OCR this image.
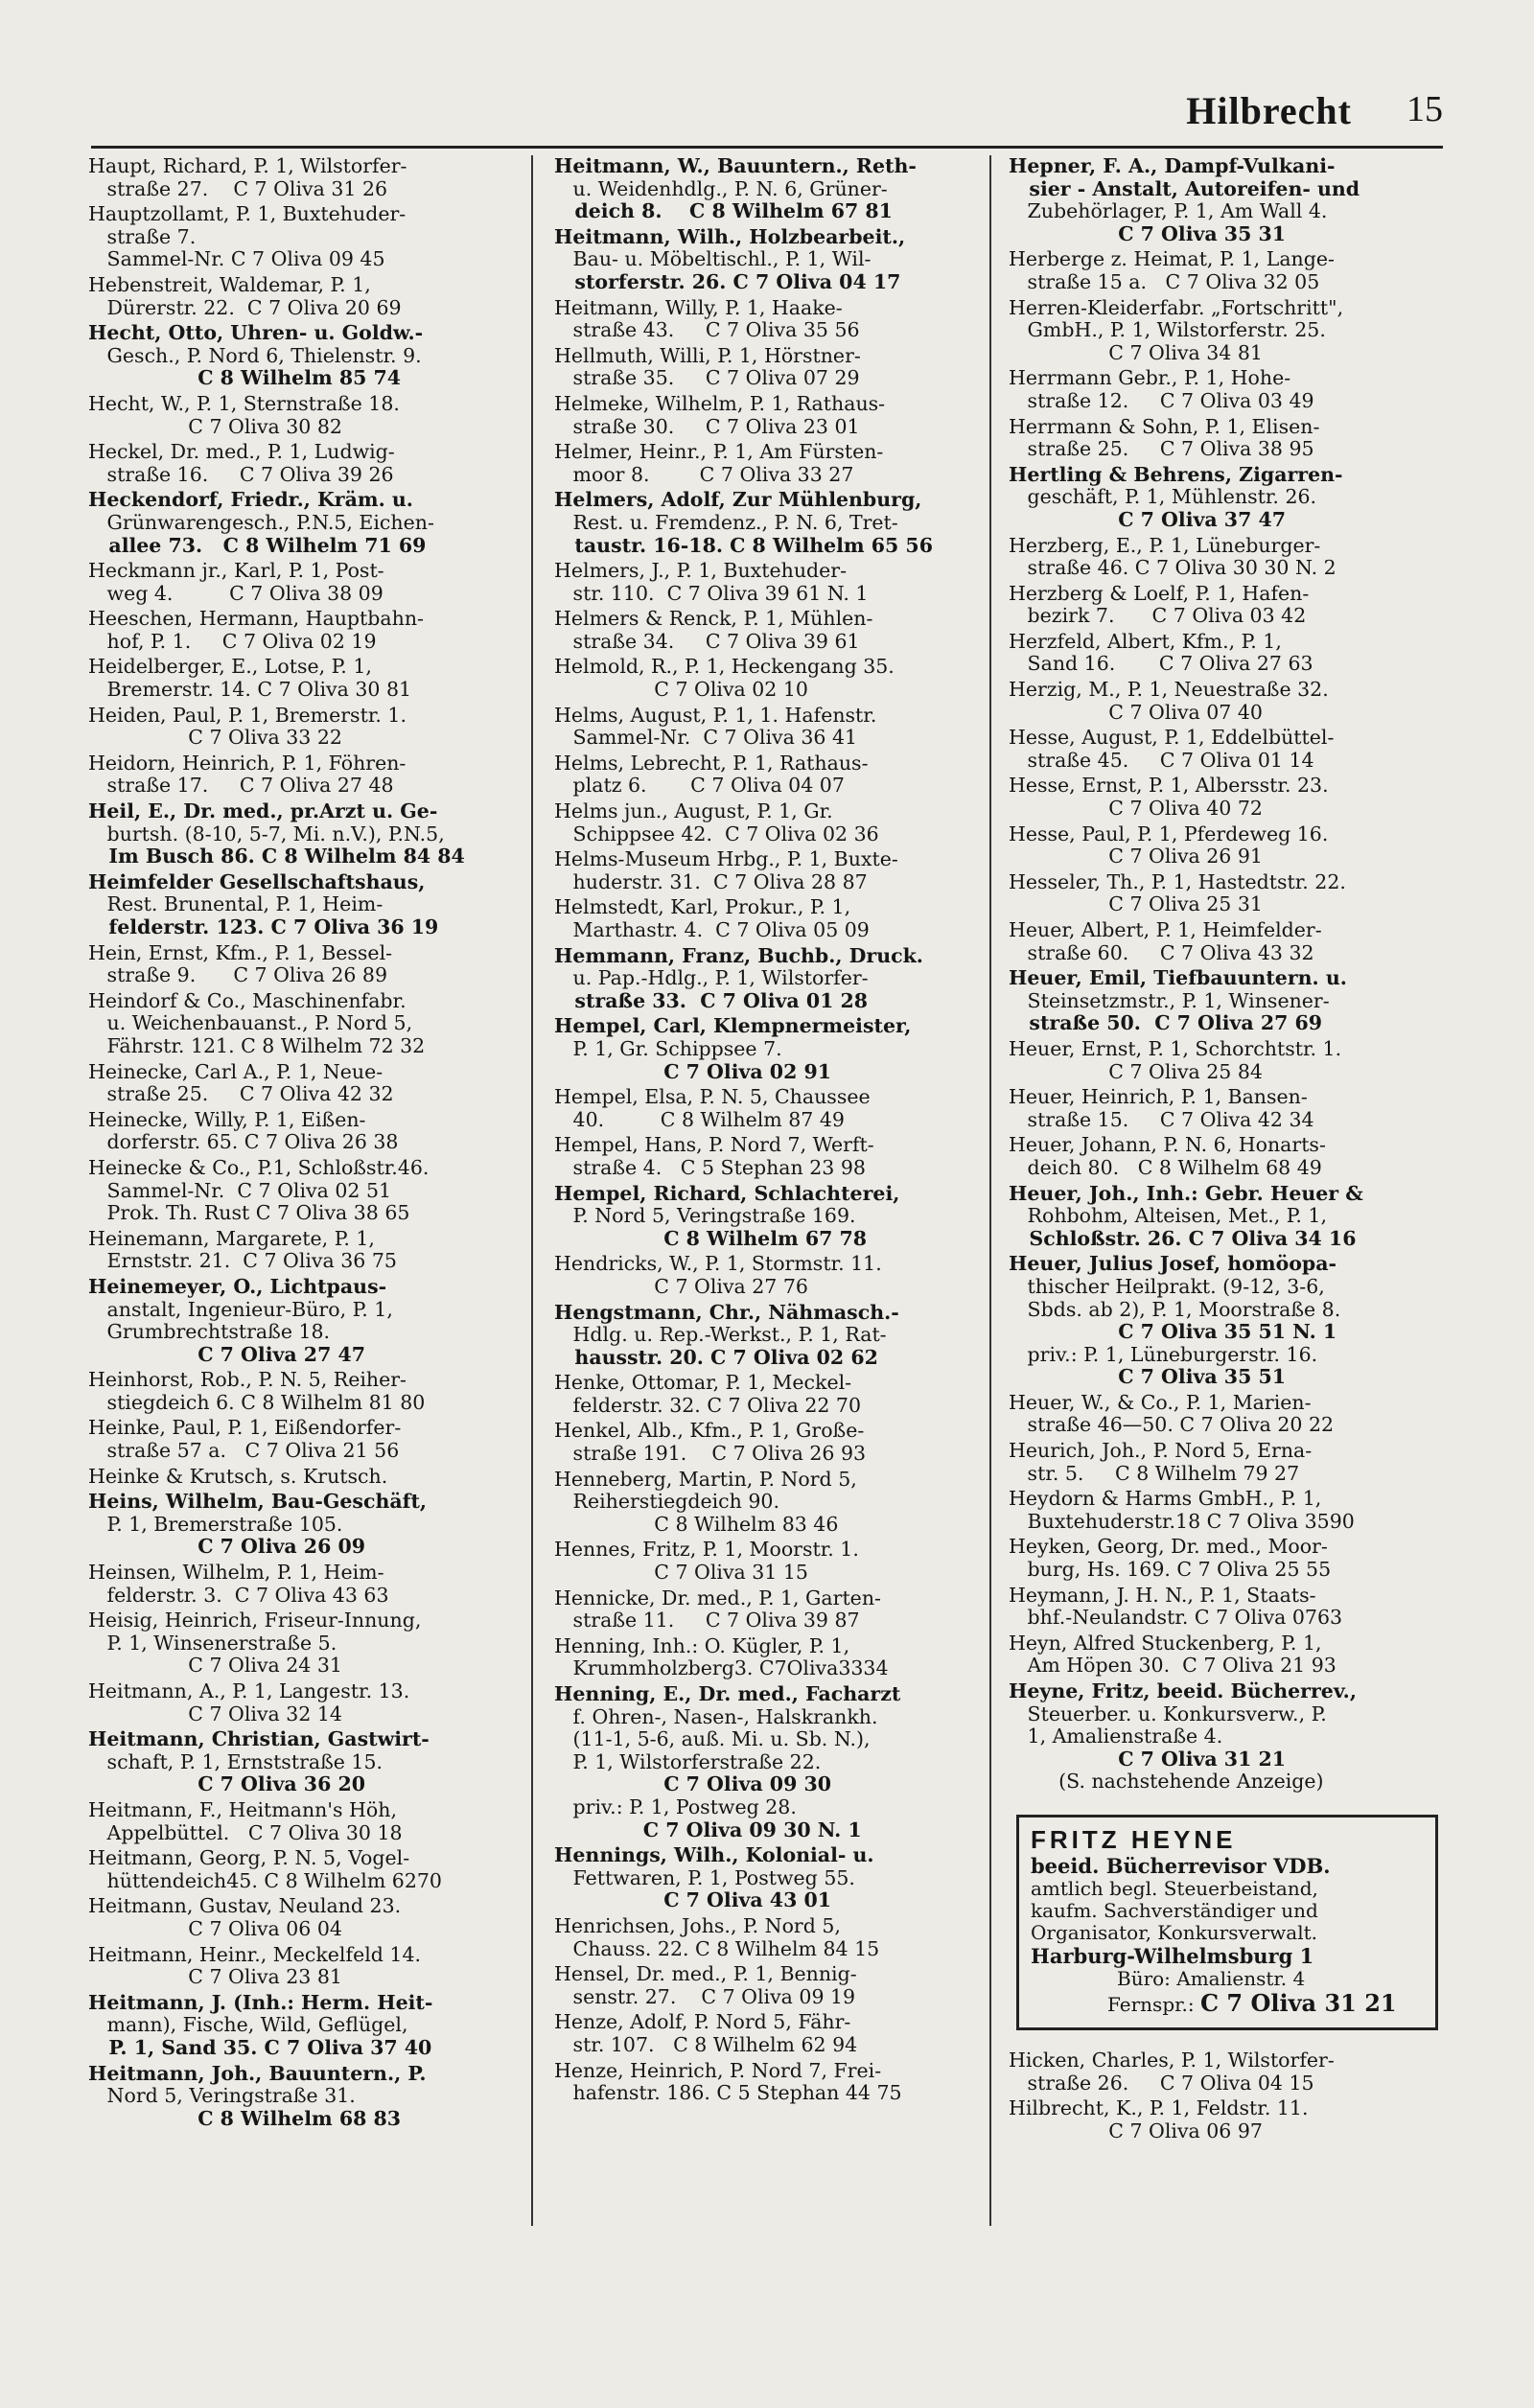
Hilbrecht 15
Haupt, Richard, P. 1, Wilstorfer-
straße 27.    C 7 Oliva 31 26
Hauptzollamt, P. 1, Buxtehuder-
straße 7.
Sammel-Nr. C 7 Oliva 09 45
Hebenstreit, Waldemar, P. 1,
Dürerstr. 22.  C 7 Oliva 20 69
Hecht, Otto, Uhren- u. Goldw.-
Gesch., P. Nord 6, Thielenstr. 9.
C 8 Wilhelm 85 74
Hecht, W., P. 1, Sternstraße 18.
C 7 Oliva 30 82
Heckel, Dr. med., P. 1, Ludwig-
straße 16.     C 7 Oliva 39 26
Heckendorf, Friedr., Kräm. u.
Grünwarengesch., P.N.5, Eichen-
allee 73.   C 8 Wilhelm 71 69
Heckmann jr., Karl, P. 1, Post-
weg 4.         C 7 Oliva 38 09
Heeschen, Hermann, Hauptbahn-
hof, P. 1.     C 7 Oliva 02 19
Heidelberger, E., Lotse, P. 1,
Bremerstr. 14. C 7 Oliva 30 81
Heiden, Paul, P. 1, Bremerstr. 1.
C 7 Oliva 33 22
Heidorn, Heinrich, P. 1, Föhren-
straße 17.     C 7 Oliva 27 48
Heil, E., Dr. med., pr.Arzt u. Ge-
burtsh. (8-10, 5-7, Mi. n.V.), P.N.5,
Im Busch 86. C 8 Wilhelm 84 84
Heimfelder Gesellschaftshaus,
Rest. Brunental, P. 1, Heim-
felderstr. 123. C 7 Oliva 36 19
Hein, Ernst, Kfm., P. 1, Bessel-
straße 9.      C 7 Oliva 26 89
Heindorf & Co., Maschinenfabr.
u. Weichenbauanst., P. Nord 5,
Fährstr. 121. C 8 Wilhelm 72 32
Heinecke, Carl A., P. 1, Neue-
straße 25.     C 7 Oliva 42 32
Heinecke, Willy, P. 1, Eißen-
dorferstr. 65. C 7 Oliva 26 38
Heinecke & Co., P.1, Schloßstr.46.
Sammel-Nr.  C 7 Oliva 02 51
Prok. Th. Rust C 7 Oliva 38 65
Heinemann, Margarete, P. 1,
Ernststr. 21.  C 7 Oliva 36 75
Heinemeyer, O., Lichtpaus-
anstalt, Ingenieur-Büro, P. 1,
Grumbrechtstraße 18.
C 7 Oliva 27 47
Heinhorst, Rob., P. N. 5, Reiher-
stiegdeich 6. C 8 Wilhelm 81 80
Heinke, Paul, P. 1, Eißendorfer-
straße 57 a.   C 7 Oliva 21 56
Heinke & Krutsch, s. Krutsch.
Heins, Wilhelm, Bau-Geschäft,
P. 1, Bremerstraße 105.
C 7 Oliva 26 09
Heinsen, Wilhelm, P. 1, Heim-
felderstr. 3.  C 7 Oliva 43 63
Heisig, Heinrich, Friseur-Innung,
P. 1, Winsenerstraße 5.
C 7 Oliva 24 31
Heitmann, A., P. 1, Langestr. 13.
C 7 Oliva 32 14
Heitmann, Christian, Gastwirt-
schaft, P. 1, Ernststraße 15.
C 7 Oliva 36 20
Heitmann, F., Heitmann's Höh,
Appelbüttel.   C 7 Oliva 30 18
Heitmann, Georg, P. N. 5, Vogel-
hüttendeich45. C 8 Wilhelm 6270
Heitmann, Gustav, Neuland 23.
C 7 Oliva 06 04
Heitmann, Heinr., Meckelfeld 14.
C 7 Oliva 23 81
Heitmann, J. (Inh.: Herm. Heit-
mann), Fische, Wild, Geflügel,
P. 1, Sand 35. C 7 Oliva 37 40
Heitmann, Joh., Bauuntern., P.
Nord 5, Veringstraße 31.
C 8 Wilhelm 68 83
Heitmann, W., Bauuntern., Reth-
u. Weidenhdlg., P. N. 6, Grüner-
deich 8.    C 8 Wilhelm 67 81
Heitmann, Wilh., Holzbearbeit.,
Bau- u. Möbeltischl., P. 1, Wil-
storferstr. 26. C 7 Oliva 04 17
Heitmann, Willy, P. 1, Haake-
straße 43.     C 7 Oliva 35 56
Hellmuth, Willi, P. 1, Hörstner-
straße 35.     C 7 Oliva 07 29
Helmeke, Wilhelm, P. 1, Rathaus-
straße 30.     C 7 Oliva 23 01
Helmer, Heinr., P. 1, Am Fürsten-
moor 8.        C 7 Oliva 33 27
Helmers, Adolf, Zur Mühlenburg,
Rest. u. Fremdenz., P. N. 6, Tret-
taustr. 16-18. C 8 Wilhelm 65 56
Helmers, J., P. 1, Buxtehuder-
str. 110.  C 7 Oliva 39 61 N. 1
Helmers & Renck, P. 1, Mühlen-
straße 34.     C 7 Oliva 39 61
Helmold, R., P. 1, Heckengang 35.
C 7 Oliva 02 10
Helms, August, P. 1, 1. Hafenstr.
Sammel-Nr.  C 7 Oliva 36 41
Helms, Lebrecht, P. 1, Rathaus-
platz 6.       C 7 Oliva 04 07
Helms jun., August, P. 1, Gr.
Schippsee 42.  C 7 Oliva 02 36
Helms-Museum Hrbg., P. 1, Buxte-
huderstr. 31.  C 7 Oliva 28 87
Helmstedt, Karl, Prokur., P. 1,
Marthastr. 4.  C 7 Oliva 05 09
Hemmann, Franz, Buchb., Druck.
u. Pap.-Hdlg., P. 1, Wilstorfer-
straße 33.  C 7 Oliva 01 28
Hempel, Carl, Klempnermeister,
P. 1, Gr. Schippsee 7.
C 7 Oliva 02 91
Hempel, Elsa, P. N. 5, Chaussee
40.         C 8 Wilhelm 87 49
Hempel, Hans, P. Nord 7, Werft-
straße 4.   C 5 Stephan 23 98
Hempel, Richard, Schlachterei,
P. Nord 5, Veringstraße 169.
C 8 Wilhelm 67 78
Hendricks, W., P. 1, Stormstr. 11.
C 7 Oliva 27 76
Hengstmann, Chr., Nähmasch.-
Hdlg. u. Rep.-Werkst., P. 1, Rat-
hausstr. 20. C 7 Oliva 02 62
Henke, Ottomar, P. 1, Meckel-
felderstr. 32. C 7 Oliva 22 70
Henkel, Alb., Kfm., P. 1, Große-
straße 191.    C 7 Oliva 26 93
Henneberg, Martin, P. Nord 5,
Reiherstiegdeich 90.
C 8 Wilhelm 83 46
Hennes, Fritz, P. 1, Moorstr. 1.
C 7 Oliva 31 15
Hennicke, Dr. med., P. 1, Garten-
straße 11.     C 7 Oliva 39 87
Henning, Inh.: O. Kügler, P. 1,
Krummholzberg3. C7Oliva3334
Henning, E., Dr. med., Facharzt
f. Ohren-, Nasen-, Halskrankh.
(11-1, 5-6, auß. Mi. u. Sb. N.),
P. 1, Wilstorferstraße 22.
C 7 Oliva 09 30
priv.: P. 1, Postweg 28.
C 7 Oliva 09 30 N. 1
Hennings, Wilh., Kolonial- u.
Fettwaren, P. 1, Postweg 55.
C 7 Oliva 43 01
Henrichsen, Johs., P. Nord 5,
Chauss. 22. C 8 Wilhelm 84 15
Hensel, Dr. med., P. 1, Bennig-
senstr. 27.    C 7 Oliva 09 19
Henze, Adolf, P. Nord 5, Fähr-
str. 107.   C 8 Wilhelm 62 94
Henze, Heinrich, P. Nord 7, Frei-
hafenstr. 186. C 5 Stephan 44 75
Hepner, F. A., Dampf-Vulkani-
sier - Anstalt, Autoreifen- und
Zubehörlager, P. 1, Am Wall 4.
C 7 Oliva 35 31
Herberge z. Heimat, P. 1, Lange-
straße 15 a.   C 7 Oliva 32 05
Herren-Kleiderfabr. „Fortschritt",
GmbH., P. 1, Wilstorferstr. 25.
C 7 Oliva 34 81
Herrmann Gebr., P. 1, Hohe-
straße 12.     C 7 Oliva 03 49
Herrmann & Sohn, P. 1, Elisen-
straße 25.     C 7 Oliva 38 95
Hertling & Behrens, Zigarren-
geschäft, P. 1, Mühlenstr. 26.
C 7 Oliva 37 47
Herzberg, E., P. 1, Lüneburger-
straße 46. C 7 Oliva 30 30 N. 2
Herzberg & Loelf, P. 1, Hafen-
bezirk 7.      C 7 Oliva 03 42
Herzfeld, Albert, Kfm., P. 1,
Sand 16.       C 7 Oliva 27 63
Herzig, M., P. 1, Neuestraße 32.
C 7 Oliva 07 40
Hesse, August, P. 1, Eddelbüttel-
straße 45.     C 7 Oliva 01 14
Hesse, Ernst, P. 1, Albersstr. 23.
C 7 Oliva 40 72
Hesse, Paul, P. 1, Pferdeweg 16.
C 7 Oliva 26 91
Hesseler, Th., P. 1, Hastedtstr. 22.
C 7 Oliva 25 31
Heuer, Albert, P. 1, Heimfelder-
straße 60.     C 7 Oliva 43 32
Heuer, Emil, Tiefbauuntern. u.
Steinsetzmstr., P. 1, Winsener-
straße 50.  C 7 Oliva 27 69
Heuer, Ernst, P. 1, Schorchtstr. 1.
C 7 Oliva 25 84
Heuer, Heinrich, P. 1, Bansen-
straße 15.     C 7 Oliva 42 34
Heuer, Johann, P. N. 6, Honarts-
deich 80.   C 8 Wilhelm 68 49
Heuer, Joh., Inh.: Gebr. Heuer &
Rohbohm, Alteisen, Met., P. 1,
Schloßstr. 26. C 7 Oliva 34 16
Heuer, Julius Josef, homöopa-
thischer Heilprakt. (9-12, 3-6,
Sbds. ab 2), P. 1, Moorstraße 8.
C 7 Oliva 35 51 N. 1
priv.: P. 1, Lüneburgerstr. 16.
C 7 Oliva 35 51
Heuer, W., & Co., P. 1, Marien-
straße 46—50. C 7 Oliva 20 22
Heurich, Joh., P. Nord 5, Erna-
str. 5.     C 8 Wilhelm 79 27
Heydorn & Harms GmbH., P. 1,
Buxtehuderstr.18 C 7 Oliva 3590
Heyken, Georg, Dr. med., Moor-
burg, Hs. 169. C 7 Oliva 25 55
Heymann, J. H. N., P. 1, Staats-
bhf.-Neulandstr. C 7 Oliva 0763
Heyn, Alfred Stuckenberg, P. 1,
Am Höpen 30.  C 7 Oliva 21 93
Heyne, Fritz, beeid. Bücherrev.,
Steuerber. u. Konkursverw., P.
1, Amalienstraße 4.
C 7 Oliva 31 21
(S. nachstehende Anzeige)
FRITZ HEYNE
beeid. Bücherrevisor VDB.
amtlich begl. Steuerbeistand,
kaufm. Sachverständiger und
Organisator, Konkursverwalt.
Harburg-Wilhelmsburg 1
Büro: Amalienstr. 4
Fernspr.: C 7 Oliva 31 21
Hicken, Charles, P. 1, Wilstorfer-
straße 26.     C 7 Oliva 04 15
Hilbrecht, K., P. 1, Feldstr. 11.
C 7 Oliva 06 97
